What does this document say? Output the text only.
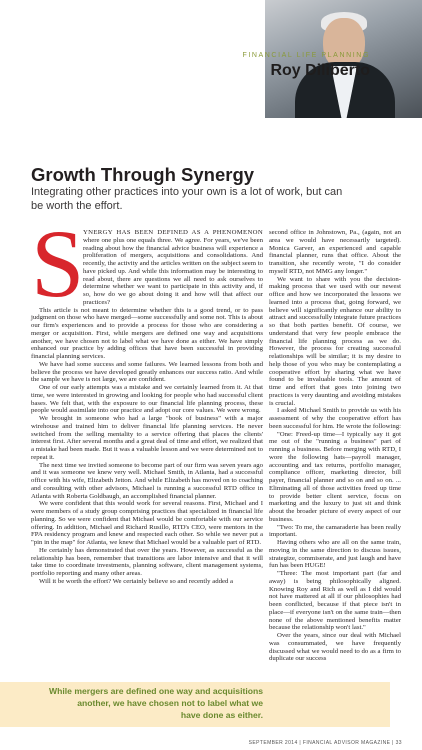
FINANCIAL LIFE PLANNING
Roy Diliberto
Growth Through Synergy

Integrating other practices into your own is a lot of work, but can be worth the effort.

S
YNERGY HAS BEEN DEFINED AS A PHENOMENON where one plus one equals three. We agree. For years, we've been reading about how the financial advice business will experience a proliferation of mergers, acquisitions and consolidations. And recently, the activity and the articles written on the subject seem to have picked up. And while this information may be interesting to read about, there are questions we all need to ask ourselves to determine whether we want to participate in this activity and, if so, how do we go about doing it and how will that affect our practices?

This article is not meant to determine whether this is a good trend, or to pass judgment on those who have merged—some successfully and some not. This is about our firm's experiences and to provide a process for those who are considering a merger or acquisition. First, while mergers are defined one way and acquisitions another, we have chosen not to label what we have done as either. We have simply enhanced our practice by adding offices that have been successful in providing financial planning services.

We have had some success and some failures. We learned lessons from both and believe the process we have developed greatly enhances our success ratio. And while the sample we have is not large, we are confident.

One of our early attempts was a mistake and we certainly learned from it. At that time, we were interested in growing and looking for people who had successful client bases. We felt that, with the exposure to our financial life planning process, these people would assimilate into our practice and adopt our core values. We were wrong.

We brought in someone who had a large "book of business" with a major wirehouse and trained him to deliver financial life planning services. He never switched from the selling mentality to a service offering that places the clients' interest first. After several months and a great deal of time and effort, we realized that a mistake had been made. But it was a valuable lesson and we were determined not to repeat it.

The next time we invited someone to become part of our firm was seven years ago and it was someone we knew very well. Michael Smith, in Atlanta, had a successful office with his wife, Elizabeth Jetton. And while Elizabeth has moved on to coaching and consulting with other advisors, Michael is running a successful RTD office in Atlanta with Roberta Goldbaugh, an accomplished financial planner.

We were confident that this would work for several reasons. First, Michael and I were members of a study group comprising practices that specialized in financial life planning. So we were confident that Michael would be comfortable with our service offering. In addition, Michael and Richard Rusillo, RTD's CEO, were mentors in the FPA residency program and knew and respected each other. So while we never put a "pin in the map" for Atlanta, we knew that Michael would be a valuable part of RTD.

He certainly has demonstrated that over the years. However, as successful as the relationship has been, remember that transitions are labor intensive and that it will take time to coordinate investments, planning software, client management systems, portfolio reporting and many other areas.

Will it be worth the effort? We certainly believe so and recently added a

second office in Johnstown, Pa., (again, not an area we would have necessarily targeted). Monica Garver, an experienced and capable financial planner, runs that office. About the transition, she recently wrote, "I do consider myself RTD, not MMG any longer."

We want to share with you the decision-making process that we used with our newest office and how we incorporated the lessons we learned into a process that, going forward, we believe will significantly enhance our ability to attract and successfully integrate future practices so that both parties benefit. Of course, we understand that very few people embrace the financial life planning process as we do. However, the process for creating successful relationships will be similar; it is my desire to help those of you who may be contemplating a cooperative effort by sharing what we have found to be invaluable tools. The amount of time and effort that goes into joining two practices is very daunting and avoiding mistakes is crucial.

I asked Michael Smith to provide us with his assessment of why the cooperative effort has been successful for him. He wrote the following:

"One: Freed-up time—I typically say it got me out of the "running a business" part of running a business. Before merging with RTD, I wore the following hats—payroll manager, accounting and tax returns, portfolio manager, compliance officer, marketing director, bill payer, financial planner and so on and so on. ... Eliminating all of those activities freed up time to provide better client service, focus on marketing and the luxury to just sit and think about the broader picture of every aspect of our business.

"Two: To me, the camaraderie has been really important.

Having others who are all on the same train, moving in the same direction to discuss issues, strategize, commiserate, and just laugh and have fun has been HUGE!

"Three: The most important part (far and away) is being philosophically aligned. Knowing Roy and Rich as well as I did would not have mattered at all if our philosophies had been conflicted, because if that piece isn't in place—if everyone isn't on the same train—then none of the above mentioned benefits matter because the relationship won't last."

Over the years, since our deal with Michael was consummated, we have frequently discussed what we would need to do as a firm to duplicate our success

While mergers are defined one way and acquisitions
another, we have chosen not to label what we
have done as either.
SEPTEMBER 2014 | FINANCIAL ADVISOR MAGAZINE | 33
